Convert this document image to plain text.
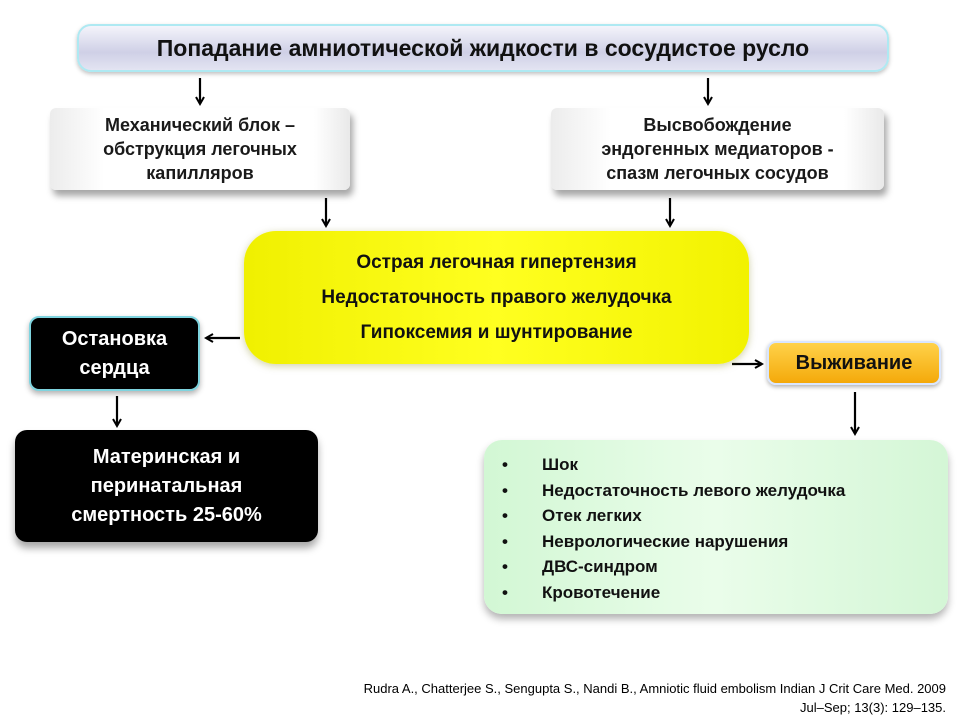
Попадание амниотической жидкости в сосудистое русло
Механический блок –
обструкция легочных
капилляров
Высвобождение
эндогенных медиаторов -
спазм легочных сосудов
Острая легочная гипертензия
Недостаточность правого желудочка
Гипоксемия и шунтирование
Остановка
сердца
Материнская и
перинатальная
смертность 25-60%
Выживание
•	Шок
•	Недостаточность левого желудочка
•	Отек легких
•	Неврологические нарушения
•	ДВС-синдром
•	Кровотечение
Rudra A., Chatterjee S., Sengupta S., Nandi B., Amniotic fluid embolism Indian J Crit Care Med. 2009
Jul–Sep; 13(3): 129–135.
